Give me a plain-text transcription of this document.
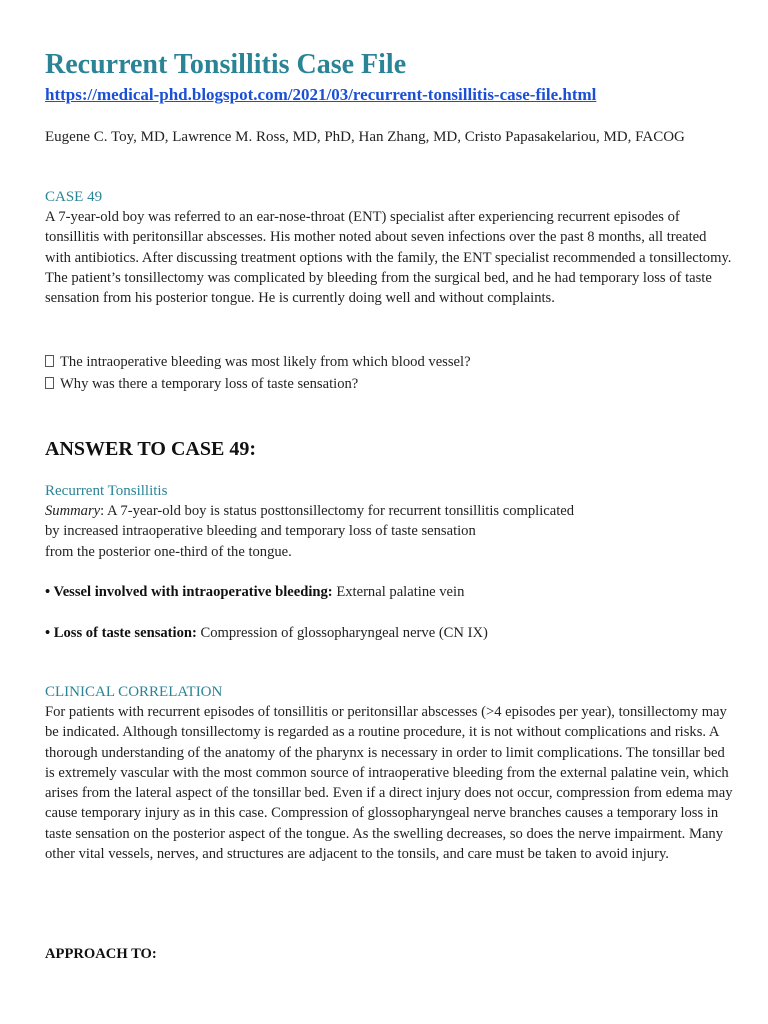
Recurrent Tonsillitis Case File
https://medical-phd.blogspot.com/2021/03/recurrent-tonsillitis-case-file.html
Eugene C. Toy, MD, Lawrence M. Ross, MD, PhD, Han Zhang, MD, Cristo Papasakelariou, MD, FACOG
CASE 49

A 7-year-old boy was referred to an ear-nose-throat (ENT) specialist after experiencing recurrent episodes of tonsillitis with peritonsillar abscesses. His mother noted about seven infections over the past 8 months, all treated with antibiotics. After discussing treatment options with the family, the ENT specialist recommended a tonsillectomy. The patient’s tonsillectomy was complicated by bleeding from the surgical bed, and he had temporary loss of taste sensation from his posterior tongue. He is currently doing well and without complaints.

The intraoperative bleeding was most likely from which blood vessel?
Why was there a temporary loss of taste sensation?
ANSWER TO CASE 49:
Recurrent Tonsillitis
Summary: A 7-year-old boy is status posttonsillectomy for recurrent tonsillitis complicated
by increased intraoperative bleeding and temporary loss of taste sensation
from the posterior one-third of the tongue.
• Vessel involved with intraoperative bleeding: External palatine vein
• Loss of taste sensation: Compression of glossopharyngeal nerve (CN IX)
CLINICAL CORRELATION

For patients with recurrent episodes of tonsillitis or peritonsillar abscesses (>4 episodes per year), tonsillectomy may be indicated. Although tonsillectomy is regarded as a routine procedure, it is not without complications and risks. A thorough understanding of the anatomy of the pharynx is necessary in order to limit complications. The tonsillar bed is extremely vascular with the most common source of intraoperative bleeding from the external palatine vein, which arises from the lateral aspect of the tonsillar bed. Even if a direct injury does not occur, compression from edema may cause temporary injury as in this case. Compression of glossopharyngeal nerve branches causes a temporary loss in taste sensation on the posterior aspect of the tongue. As the swelling decreases, so does the nerve impairment. Many other vital vessels, nerves, and structures are adjacent to the tonsils, and care must be taken to avoid injury.

APPROACH TO:
